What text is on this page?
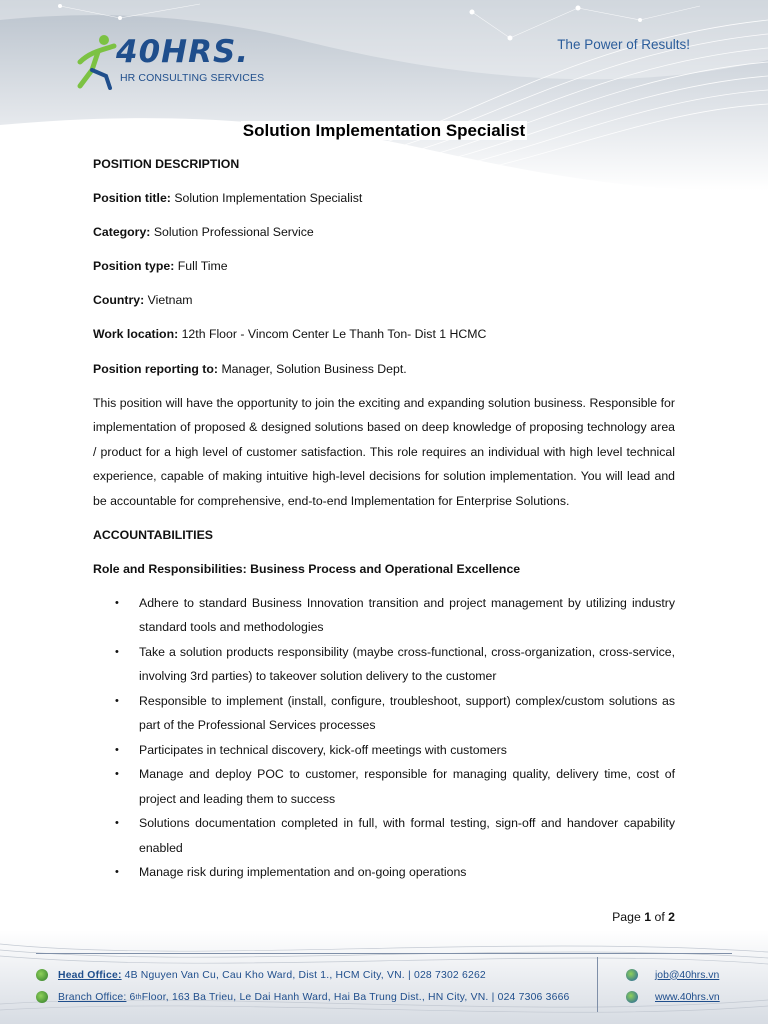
40HRS.
HR CONSULTING SERVICES
The Power of Results!
Solution Implementation Specialist

POSITION DESCRIPTION

Position title: Solution Implementation Specialist

Category: Solution Professional Service

Position type: Full Time

Country: Vietnam

Work location: 12th Floor - Vincom Center Le Thanh Ton- Dist 1 HCMC

Position reporting to: Manager, Solution Business Dept.

This position will have the opportunity to join the exciting and expanding solution business. Responsible for implementation of proposed & designed solutions based on deep knowledge of proposing technology area / product for a high level of customer satisfaction. This role requires an individual with high level technical experience, capable of making intuitive high-level decisions for solution implementation. You will lead and be accountable for comprehensive, end-to-end Implementation for Enterprise Solutions.

ACCOUNTABILITIES

Role and Responsibilities: Business Process and Operational Excellence

• Adhere to standard Business Innovation transition and project management by utilizing industry standard tools and methodologies
• Take a solution products responsibility (maybe cross-functional, cross-organization, cross-service, involving 3rd parties) to takeover solution delivery to the customer
• Responsible to implement (install, configure, troubleshoot, support) complex/custom solutions as part of the Professional Services processes
• Participates in technical discovery, kick-off meetings with customers
• Manage and deploy POC to customer, responsible for managing quality, delivery time, cost of project and leading them to success
• Solutions documentation completed in full, with formal testing, sign-off and handover capability enabled
• Manage risk during implementation and on-going operations
Page 1 of 2
Head Office: 4B Nguyen Van Cu, Cau Kho Ward, Dist 1., HCM City, VN. | 028 7302 6262
Branch Office: 6 th Floor, 163 Ba Trieu, Le Dai Hanh Ward, Hai Ba Trung Dist., HN City, VN. | 024 7306 3666
job@40hrs.vn
www.40hrs.vn
